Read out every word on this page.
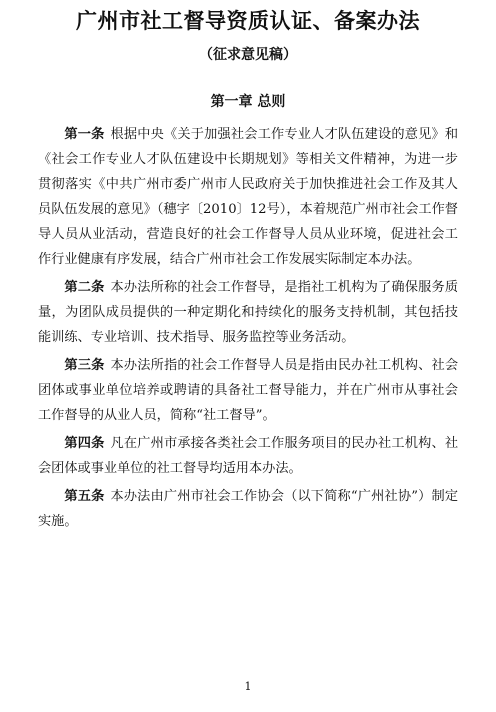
广州市社工督导资质认证、备案办法
（征求意见稿）
第一章 总则

第一条 根据中央《关于加强社会工作专业人才队伍建设的意见》和《社会工作专业人才队伍建设中长期规划》等相关文件精神，为进一步贯彻落实《中共广州市委广州市人民政府关于加快推进社会工作及其人员队伍发展的意见》（穗字〔2010〕12号），本着规范广州市社会工作督导人员从业活动，营造良好的社会工作督导人员从业环境，促进社会工作行业健康有序发展，结合广州市社会工作发展实际制定本办法。

第二条 本办法所称的社会工作督导，是指社工机构为了确保服务质量，为团队成员提供的一种定期化和持续化的服务支持机制，其包括技能训练、专业培训、技术指导、服务监控等业务活动。

第三条 本办法所指的社会工作督导人员是指由民办社工机构、社会团体或事业单位培养或聘请的具备社工督导能力，并在广州市从事社会工作督导的从业人员，简称“社工督导”。

第四条 凡在广州市承接各类社会工作服务项目的民办社工机构、社会团体或事业单位的社工督导均适用本办法。

第五条 本办法由广州市社会工作协会（以下简称“广州社协”）制定实施。

1
